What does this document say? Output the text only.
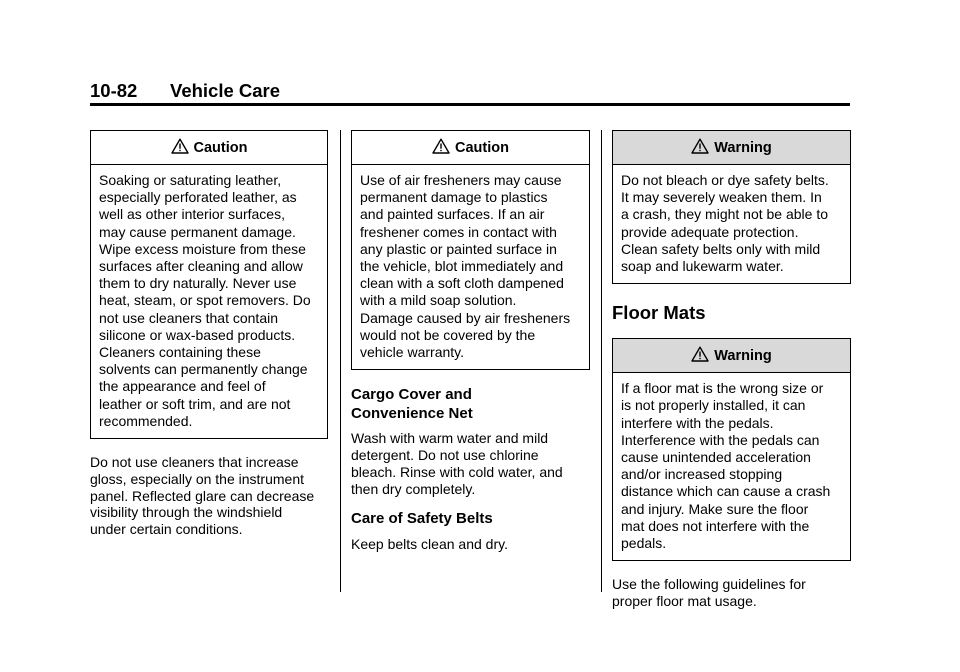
10-82 Vehicle Care
Caution
Soaking or saturating leather,
especially perforated leather, as
well as other interior surfaces,
may cause permanent damage.
Wipe excess moisture from these
surfaces after cleaning and allow
them to dry naturally. Never use
heat, steam, or spot removers. Do
not use cleaners that contain
silicone or wax-based products.
Cleaners containing these
solvents can permanently change
the appearance and feel of
leather or soft trim, and are not
recommended.

Do not use cleaners that increase
gloss, especially on the instrument
panel. Reflected glare can decrease
visibility through the windshield
under certain conditions.

Caution
Use of air fresheners may cause
permanent damage to plastics
and painted surfaces. If an air
freshener comes in contact with
any plastic or painted surface in
the vehicle, blot immediately and
clean with a soft cloth dampened
with a mild soap solution.
Damage caused by air fresheners
would not be covered by the
vehicle warranty.

Cargo Cover and
Convenience Net

Wash with warm water and mild
detergent. Do not use chlorine
bleach. Rinse with cold water, and
then dry completely.

Care of Safety Belts

Keep belts clean and dry.

Warning
Do not bleach or dye safety belts.
It may severely weaken them. In
a crash, they might not be able to
provide adequate protection.
Clean safety belts only with mild
soap and lukewarm water.

Floor Mats

Warning
If a floor mat is the wrong size or
is not properly installed, it can
interfere with the pedals.
Interference with the pedals can
cause unintended acceleration
and/or increased stopping
distance which can cause a crash
and injury. Make sure the floor
mat does not interfere with the
pedals.

Use the following guidelines for
proper floor mat usage.
